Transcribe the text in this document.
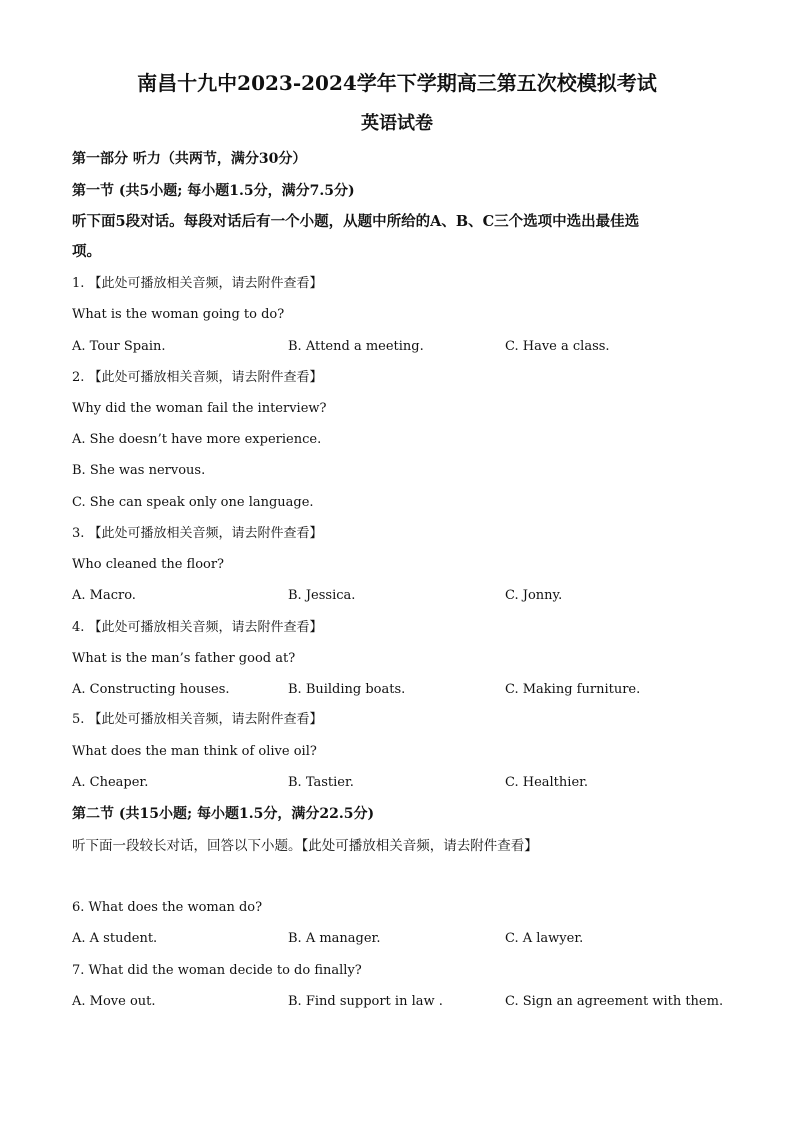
南昌十九中2023-2024学年下学期高三第五次校模拟考试
英语试卷
第一部分 听力（共两节，满分30分）
第一节 (共5小题; 每小题1.5分，满分7.5分)
听下面5段对话。每段对话后有一个小题，从题中所给的A、B、C三个选项中选出最佳选
项。
1. 【此处可播放相关音频，请去附件查看】
What is the woman going to do?
A. Tour Spain.	B. Attend a meeting.	C. Have a class.
2. 【此处可播放相关音频，请去附件查看】
Why did the woman fail the interview?
A. She doesn’t have more experience.
B. She was nervous.
C. She can speak only one language.
3. 【此处可播放相关音频，请去附件查看】
Who cleaned the floor?
A. Macro.	B. Jessica.	C. Jonny.
4. 【此处可播放相关音频，请去附件查看】
What is the man’s father good at?
A. Constructing houses.	B. Building boats.	C. Making furniture.
5. 【此处可播放相关音频，请去附件查看】
What does the man think of olive oil?
A. Cheaper.	B. Tastier.	C. Healthier.
第二节 (共15小题; 每小题1.5分，满分22.5分)
听下面一段较长对话，回答以下小题。【此处可播放相关音频，请去附件查看】
6. What does the woman do?
A. A student.	B. A manager.	C. A lawyer.
7. What did the woman decide to do finally?
A. Move out.	B. Find support in law .	C. Sign an agreement with them.
